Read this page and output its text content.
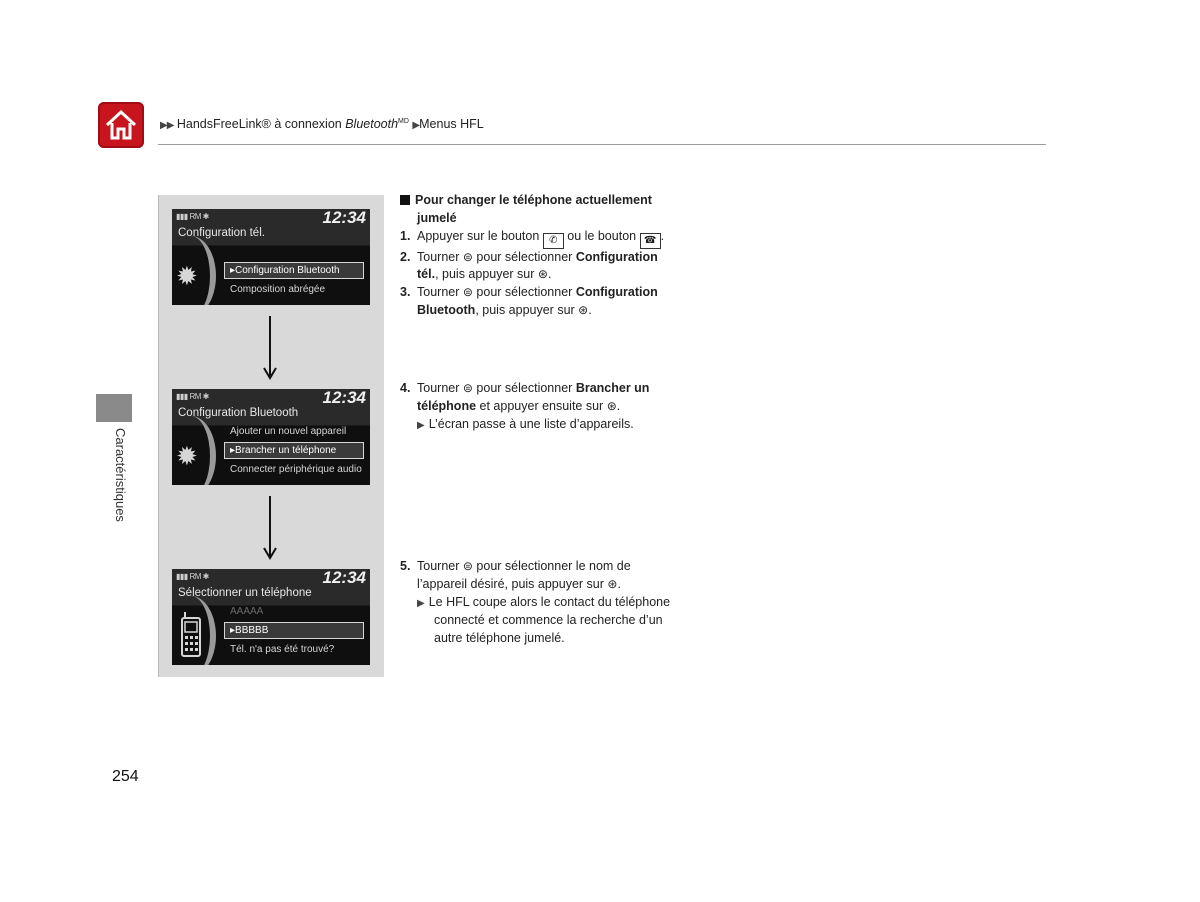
▶▶ HandsFreeLink® à connexion Bluetooth$^{MD}$ ▶Menus HFL
Caractéristiques
▮▮▮ RM ✱	12:34
Configuration tél.
✹	▸Configuration Bluetooth
Composition abrégée
▮▮▮ RM ✱	12:34
Configuration Bluetooth
✹
Ajouter un nouvel appareil
▸Brancher un téléphone
Connecter périphérique audio
▮▮▮ RM ✱	12:34
Sélectionner un téléphone
AAAAA
▸BBBBB
Tél. n'a pas été trouvé?
Pour changer le téléphone actuellement
jumelé
1. Appuyer sur le bouton ✆ ou le bouton ☎ .
2. Tourner ⊜ pour sélectionner Configuration
tél., puis appuyer sur ⊛.
3. Tourner ⊜ pour sélectionner Configuration
Bluetooth, puis appuyer sur ⊛.
4. Tourner ⊜ pour sélectionner Brancher un
téléphone et appuyer ensuite sur ⊛.
▶ L’écran passe à une liste d’appareils.
5. Tourner ⊜ pour sélectionner le nom de
l’appareil désiré, puis appuyer sur ⊛.
▶ Le HFL coupe alors le contact du téléphone
connecté et commence la recherche d’un
autre téléphone jumelé.
254
